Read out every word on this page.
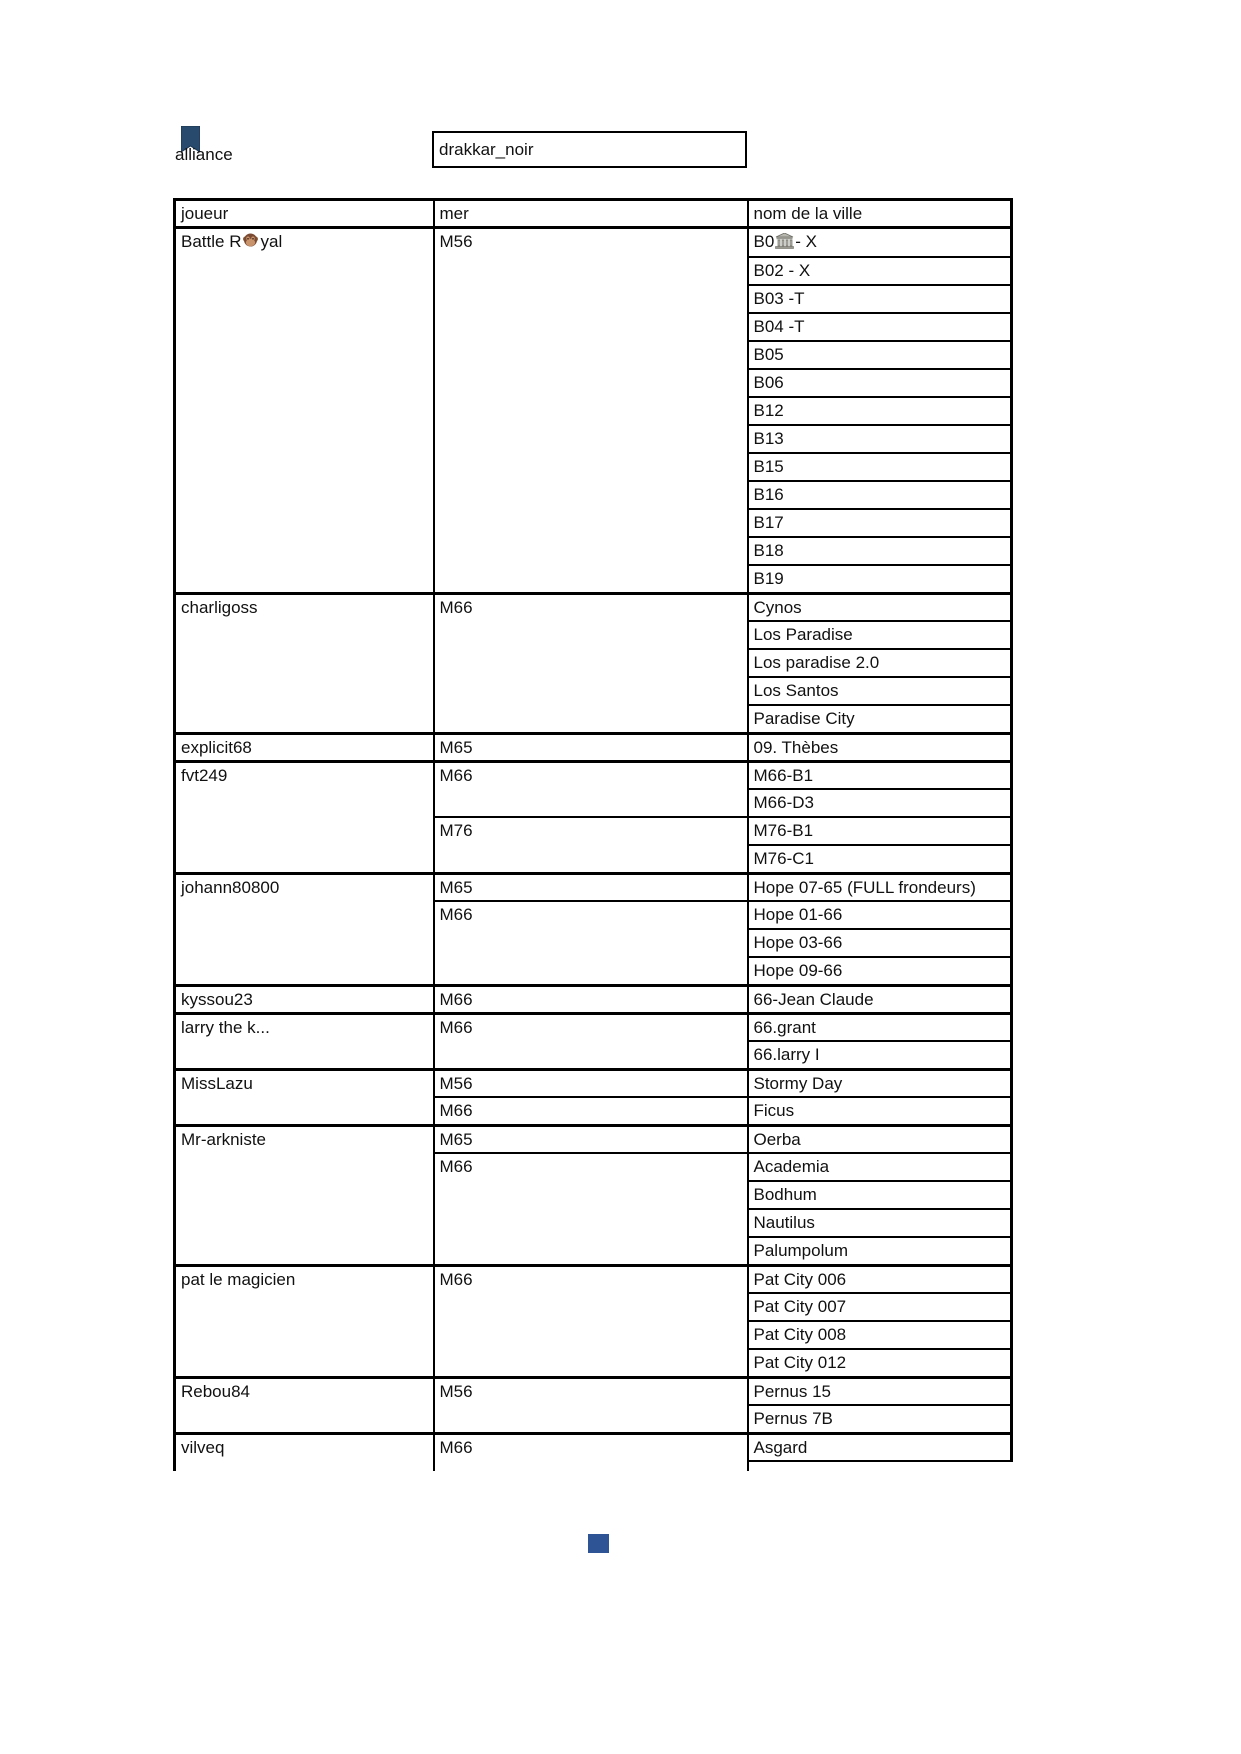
alliance	drakkar_noir
joueur	mer	nom de la ville
Battle R yal	M56	B0 - X
		B02 - X
		B03 -T
		B04 -T
		B05
		B06
		B12
		B13
		B15
		B16
		B17
		B18
		B19
charligoss	M66	Cynos
		Los Paradise
		Los paradise 2.0
		Los Santos
		Paradise City
explicit68	M65	09. Thèbes
fvt249	M66	M66-B1
		M66-D3
	M76	M76-B1
		M76-C1
johann80800	M65	Hope 07-65 (FULL frondeurs)
	M66	Hope 01-66
		Hope 03-66
		Hope 09-66
kyssou23	M66	66-Jean Claude
larry the k...	M66	66.grant
		66.larry I
MissLazu	M56	Stormy Day
	M66	Ficus
Mr-arkniste	M65	Oerba
	M66	Academia
		Bodhum
		Nautilus
		Palumpolum
pat le magicien	M66	Pat City 006
		Pat City 007
		Pat City 008
		Pat City 012
Rebou84	M56	Pernus 15
		Pernus 7B
vilveq	M66	Asgard
